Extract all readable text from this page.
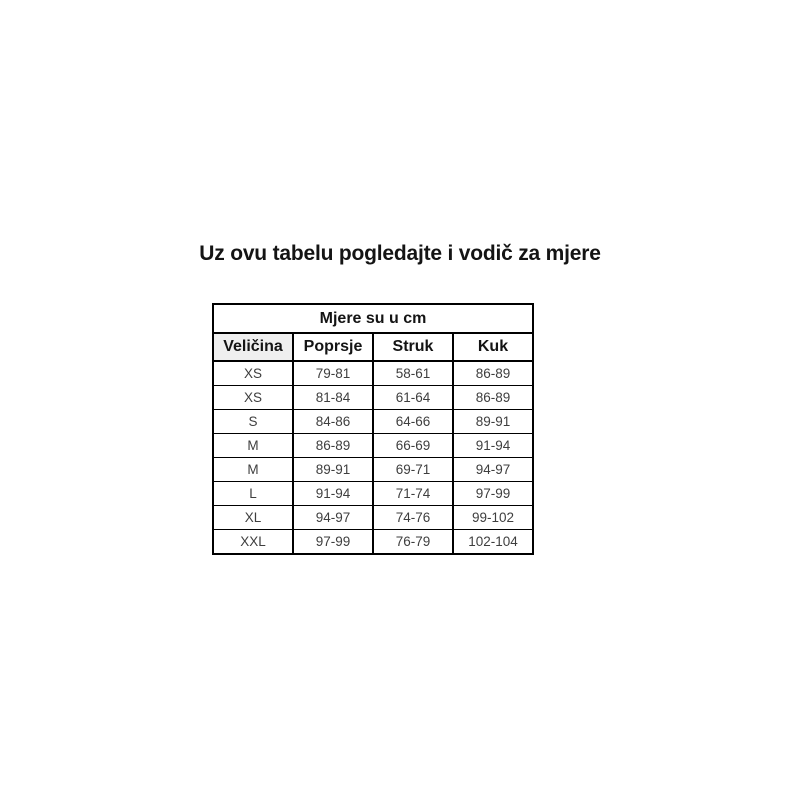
Uz ovu tabelu pogledajte i vodič za mjere
Mjere su u cm			
Veličina	Poprsje	Struk	Kuk
XS	79-81	58-61	86-89
XS	81-84	61-64	86-89
S	84-86	64-66	89-91
M	86-89	66-69	91-94
M	89-91	69-71	94-97
L	91-94	71-74	97-99
XL	94-97	74-76	99-102
XXL	97-99	76-79	102-104
